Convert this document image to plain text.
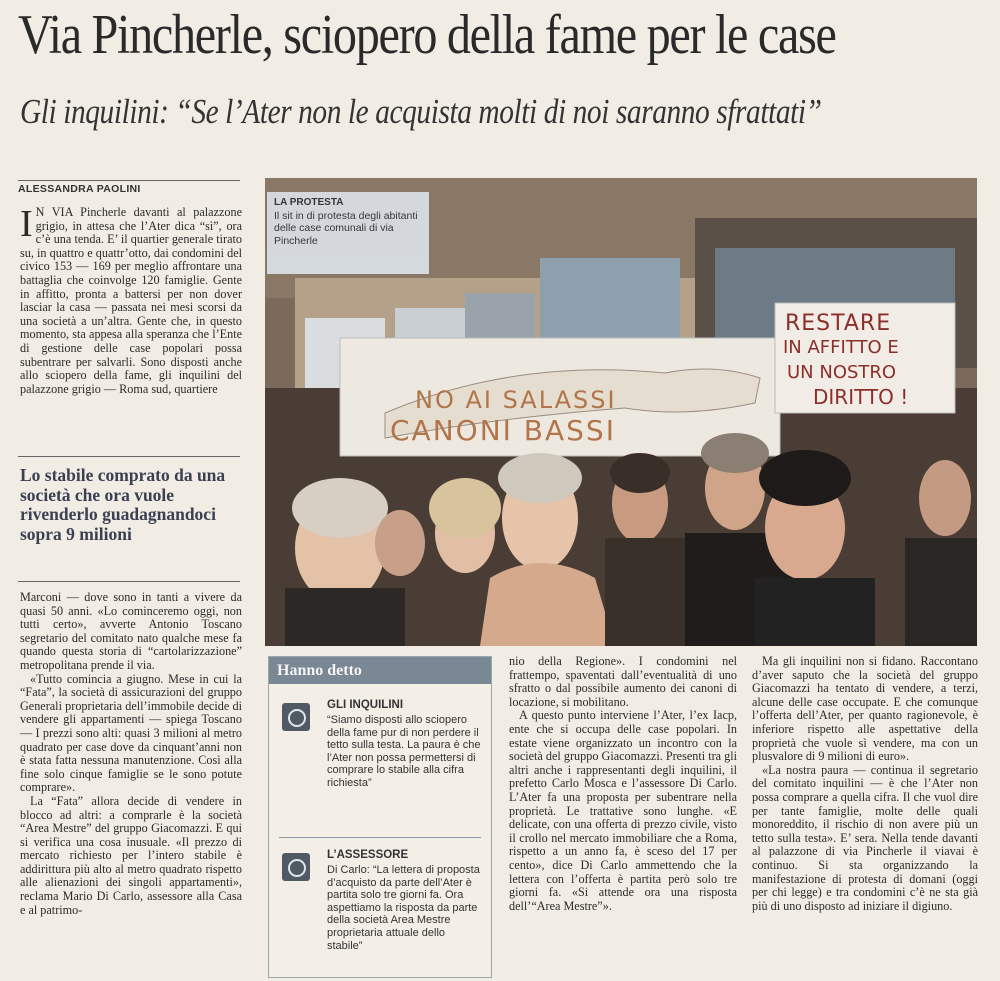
Via Pincherle, sciopero della fame per le case
Gli inquilini: “Se l’Ater non le acquista molti di noi saranno sfrattati”
ALESSANDRA PAOLINI

I N VIA Pincherle davanti al palazzone grigio, in attesa che l’Ater dica “sì”, ora c’è una tenda. E’ il quartier generale tirato su, in quattro e quattr’otto, dai condomini del civico 153 — 169 per meglio affrontare una battaglia che coinvolge 120 famiglie. Gente in affitto, pronta a battersi per non dover lasciar la casa — passata nei mesi scorsi da una società a un’altra. Gente che, in questo momento, sta appesa alla speranza che l’Ente di gestione delle case popolari possa subentrare per salvarli. Sono disposti anche allo sciopero della fame, gli inquilini del palazzone grigio — Roma sud, quartiere

Lo stabile comprato da una società che ora vuole rivenderlo guadagnandoci sopra 9 milioni

Marconi — dove sono in tanti a vivere da quasi 50 anni. «Lo cominceremo oggi, non tutti certo», avverte Antonio Toscano segretario del comitato nato qualche mese fa quando questa storia di “cartolarizzazione” metropolitana prende il via.

«Tutto comincia a giugno. Mese in cui la “Fata”, la società di assicurazioni del gruppo Generali proprietaria dell’immobile decide di vendere gli appartamenti — spiega Toscano — I prezzi sono alti: quasi 3 milioni al metro quadrato per case dove da cinquant’anni non è stata fatta nessuna manutenzione. Così alla fine solo cinque famiglie se le sono potute comprare».

La “Fata” allora decide di vendere in blocco ad altri: a comprarle è la società “Area Mestre” del gruppo Giacomazzi. E qui si verifica una cosa inusuale. «Il prezzo di mercato richiesto per l’intero stabile è addirittura più alto al metro quadrato rispetto alle alienazioni dei singoli appartamenti», reclama Mario Di Carlo, assessore alla Casa e al patrimo-

NO AI SALASSI
CANONI BASSI
RESTARE
IN AFFITTO E
UN NOSTRO
DIRITTO !
LA PROTESTA
Il sit in di protesta degli abitanti delle case comunali di via Pincherle
Hanno detto
GLI INQUILINI
“Siamo disposti allo sciopero della fame pur di non perdere il tetto sulla testa. La paura è che l’Ater non possa permettersi di comprare lo stabile alla cifra richiesta”
L’ASSESSORE
Di Carlo: “La lettera di proposta d’acquisto da parte dell’Ater è partita solo tre giorni fa. Ora aspettiamo la risposta da parte della società Area Mestre proprietaria attuale dello stabile”

nio della Regione». I condomini nel frattempo, spaventati dall’eventualità di uno sfratto o dal possibile aumento dei canoni di locazione, si mobilitano.

A questo punto interviene l’Ater, l’ex Iacp, ente che si occupa delle case popolari. In estate viene organizzato un incontro con la società del gruppo Giacomazzi. Presenti tra gli altri anche i rappresentanti degli inquilini, il prefetto Carlo Mosca e l’assessore Di Carlo. L’Ater fa una proposta per subentrare nella proprietà. Le trattative sono lunghe. «E delicate, con una offerta di prezzo civile, visto il crollo nel mercato immobiliare che a Roma, rispetto a un anno fa, è sceso del 17 per cento», dice Di Carlo ammettendo che la lettera con l’offerta è partita però solo tre giorni fa. «Si attende ora una risposta dell’“Area Mestre”».

Ma gli inquilini non si fidano. Raccontano d’aver saputo che la società del gruppo Giacomazzi ha tentato di vendere, a terzi, alcune delle case occupate. E che comunque l’offerta dell’Ater, per quanto ragionevole, è inferiore rispetto alle aspettative della proprietà che vuole sì vendere, ma con un plusvalore di 9 milioni di euro».

«La nostra paura — continua il segretario del comitato inquilini — è che l’Ater non possa comprare a quella cifra. Il che vuol dire per tante famiglie, molte delle quali monoreddito, il rischio di non avere più un tetto sulla testa». E’ sera. Nella tende davanti al palazzone di via Pincherle il viavai è continuo. Si sta organizzando la manifestazione di protesta di domani (oggi per chi legge) e tra condomini c’è ne sta già più di uno disposto ad iniziare il digiuno.
